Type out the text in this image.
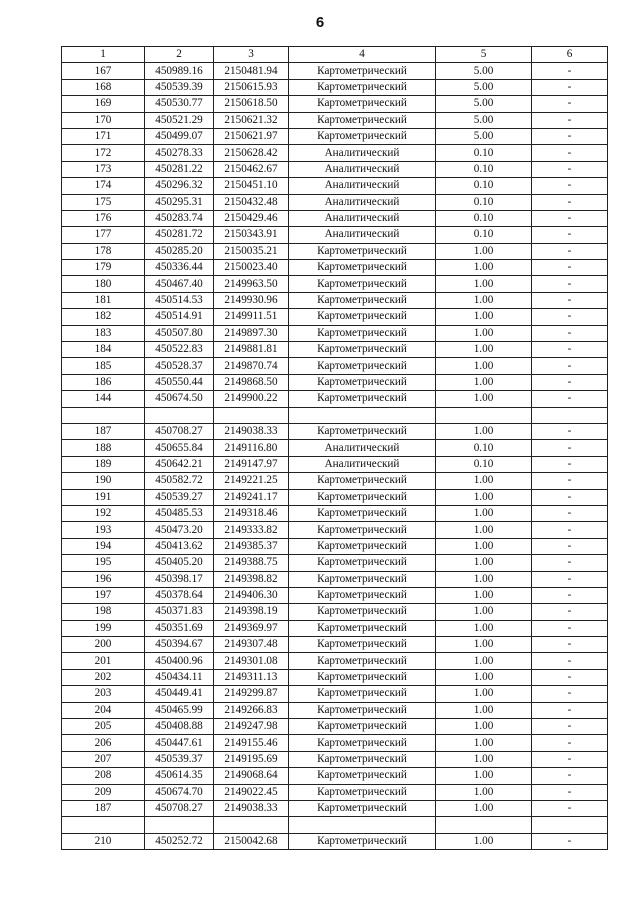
6
1	2	3	4	5	6
167	450989.16	2150481.94	Картометрический	5.00	-
168	450539.39	2150615.93	Картометрический	5.00	-
169	450530.77	2150618.50	Картометрический	5.00	-
170	450521.29	2150621.32	Картометрический	5.00	-
171	450499.07	2150621.97	Картометрический	5.00	-
172	450278.33	2150628.42	Аналитический	0.10	-
173	450281.22	2150462.67	Аналитический	0.10	-
174	450296.32	2150451.10	Аналитический	0.10	-
175	450295.31	2150432.48	Аналитический	0.10	-
176	450283.74	2150429.46	Аналитический	0.10	-
177	450281.72	2150343.91	Аналитический	0.10	-
178	450285.20	2150035.21	Картометрический	1.00	-
179	450336.44	2150023.40	Картометрический	1.00	-
180	450467.40	2149963.50	Картометрический	1.00	-
181	450514.53	2149930.96	Картометрический	1.00	-
182	450514.91	2149911.51	Картометрический	1.00	-
183	450507.80	2149897.30	Картометрический	1.00	-
184	450522.83	2149881.81	Картометрический	1.00	-
185	450528.37	2149870.74	Картометрический	1.00	-
186	450550.44	2149868.50	Картометрический	1.00	-
144	450674.50	2149900.22	Картометрический	1.00	-

187	450708.27	2149038.33	Картометрический	1.00	-
188	450655.84	2149116.80	Аналитический	0.10	-
189	450642.21	2149147.97	Аналитический	0.10	-
190	450582.72	2149221.25	Картометрический	1.00	-
191	450539.27	2149241.17	Картометрический	1.00	-
192	450485.53	2149318.46	Картометрический	1.00	-
193	450473.20	2149333.82	Картометрический	1.00	-
194	450413.62	2149385.37	Картометрический	1.00	-
195	450405.20	2149388.75	Картометрический	1.00	-
196	450398.17	2149398.82	Картометрический	1.00	-
197	450378.64	2149406.30	Картометрический	1.00	-
198	450371.83	2149398.19	Картометрический	1.00	-
199	450351.69	2149369.97	Картометрический	1.00	-
200	450394.67	2149307.48	Картометрический	1.00	-
201	450400.96	2149301.08	Картометрический	1.00	-
202	450434.11	2149311.13	Картометрический	1.00	-
203	450449.41	2149299.87	Картометрический	1.00	-
204	450465.99	2149266.83	Картометрический	1.00	-
205	450408.88	2149247.98	Картометрический	1.00	-
206	450447.61	2149155.46	Картометрический	1.00	-
207	450539.37	2149195.69	Картометрический	1.00	-
208	450614.35	2149068.64	Картометрический	1.00	-
209	450674.70	2149022.45	Картометрический	1.00	-
187	450708.27	2149038.33	Картометрический	1.00	-

210	450252.72	2150042.68	Картометрический	1.00	-
